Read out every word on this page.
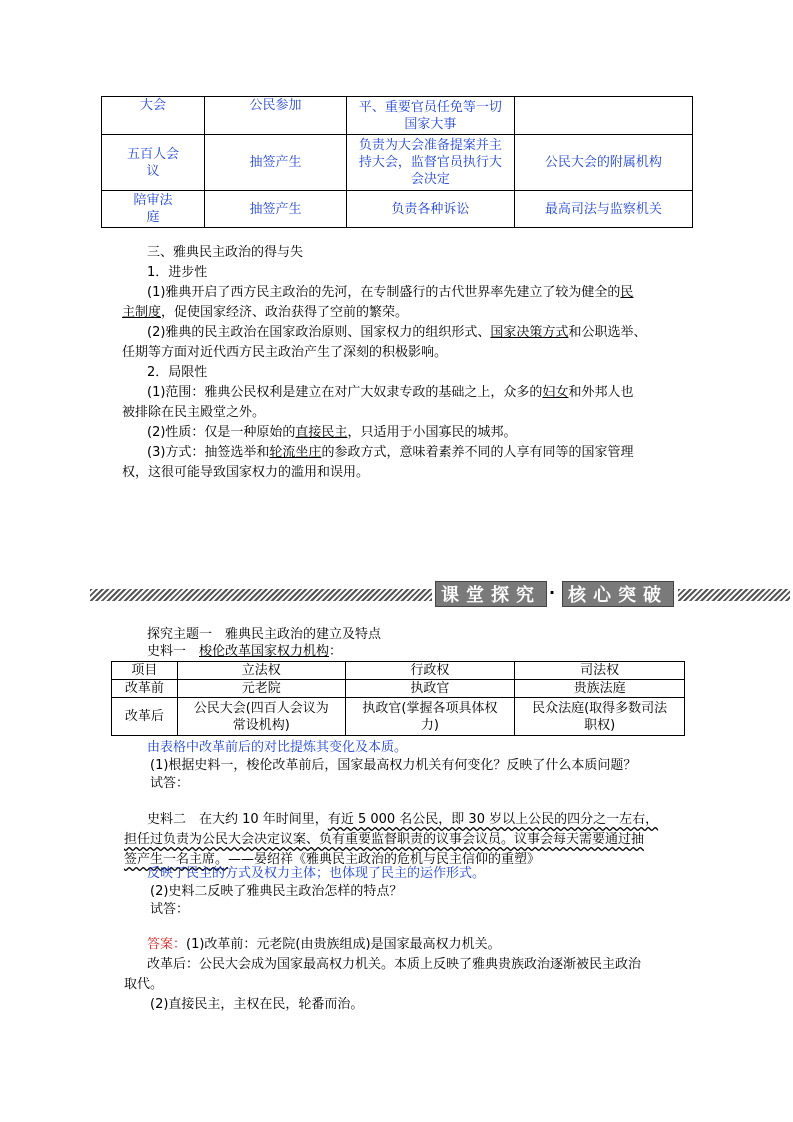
大会	公民参加	平、重要官员任免等一切国家大事	
五百人会议	抽签产生	负责为大会准备提案并主持大会，监督官员执行大会决定	公民大会的附属机构
陪审法庭	抽签产生	负责各种诉讼	最高司法与监察机关
三、雅典民主政治的得与失
1．进步性
(1)雅典开启了西方民主政治的先河，在专制盛行的古代世界率先建立了较为健全的民
主制度，促使国家经济、政治获得了空前的繁荣。
(2)雅典的民主政治在国家政治原则、国家权力的组织形式、国家决策方式和公职选举、
任期等方面对近代西方民主政治产生了深刻的积极影响。
2．局限性
(1)范围：雅典公民权利是建立在对广大奴隶专政的基础之上，众多的妇女和外邦人也
被排除在民主殿堂之外。
(2)性质：仅是一种原始的直接民主，只适用于小国寡民的城邦。
(3)方式：抽签选举和轮流坐庄的参政方式，意味着素养不同的人享有同等的国家管理
权，这很可能导致国家权力的滥用和误用。
课堂探究 · 核心突破
探究主题一　雅典民主政治的建立及特点
史料一　梭伦改革国家权力机构：
项目	立法权	行政权	司法权
改革前	元老院	执政官	贵族法庭
改革后	公民大会(四百人会议为常设机构)	执政官(掌握各项具体权力)	民众法庭(取得多数司法职权)
由表格中改革前后的对比提炼其变化及本质。
(1)根据史料一，梭伦改革前后，国家最高权力机关有何变化？反映了什么本质问题？
试答：
史料二　在大约 10 年时间里，有近 5 000 名公民，即 30 岁以上公民的四分之一左右，
担任过负责为公民大会决定议案、负有重要监督职责的议事会议员。议事会每天需要通过抽
签产生一名主席。——晏绍祥《雅典民主政治的危机与民主信仰的重塑》
反映了民主的方式及权力主体；也体现了民主的运作形式。
(2)史料二反映了雅典民主政治怎样的特点？
试答：
答案：(1)改革前：元老院(由贵族组成)是国家最高权力机关。
改革后：公民大会成为国家最高权力机关。本质上反映了雅典贵族政治逐渐被民主政治
取代。
(2)直接民主，主权在民，轮番而治。
